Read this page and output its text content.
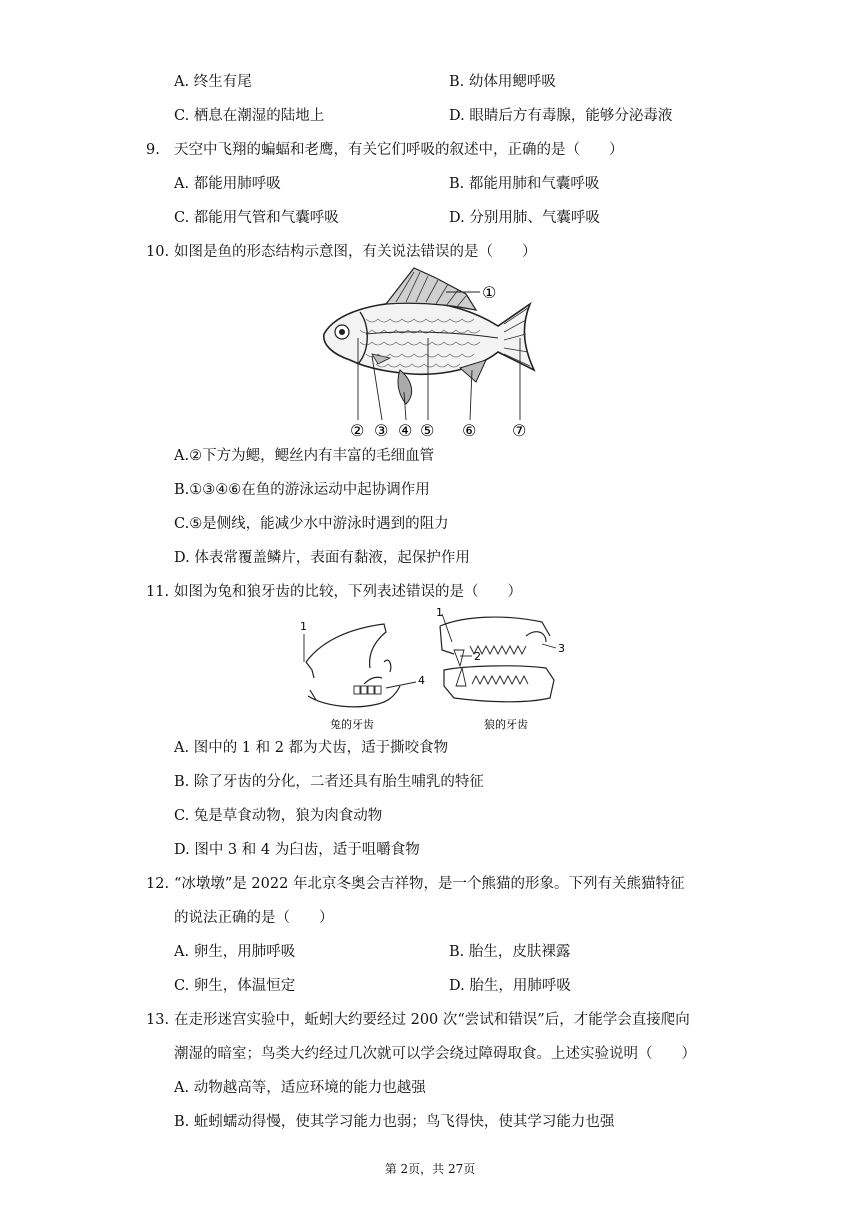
A. 终生有尾	B. 幼体用鳃呼吸
C. 栖息在潮湿的陆地上	D. 眼睛后方有毒腺，能够分泌毒液
9. 天空中飞翔的蝙蝠和老鹰，有关它们呼吸的叙述中，正确的是（　　）
A. 都能用肺呼吸	B. 都能用肺和气囊呼吸
C. 都能用气管和气囊呼吸	D. 分别用肺、气囊呼吸
10. 如图是鱼的形态结构示意图，有关说法错误的是（　　）
①
② ③ ④ ⑤ ⑥ ⑦
A.②下方为鳃，鳃丝内有丰富的毛细血管
B.①③④⑥在鱼的游泳运动中起协调作用
C.⑤是侧线，能减少水中游泳时遇到的阻力
D. 体表常覆盖鳞片，表面有黏液，起保护作用
11. 如图为兔和狼牙齿的比较，下列表述错误的是（　　）
1
4
兔的牙齿
1
2
3
狼的牙齿
A. 图中的 1 和 2 都为犬齿，适于撕咬食物
B. 除了牙齿的分化，二者还具有胎生哺乳的特征
C. 兔是草食动物，狼为肉食动物
D. 图中 3 和 4 为臼齿，适于咀嚼食物
12. “冰墩墩”是 2022 年北京冬奥会吉祥物，是一个熊猫的形象。下列有关熊猫特征
的说法正确的是（　　）
A. 卵生，用肺呼吸	B. 胎生，皮肤裸露
C. 卵生，体温恒定	D. 胎生，用肺呼吸
13. 在走形迷宫实验中，蚯蚓大约要经过 200 次“尝试和错误”后，才能学会直接爬向
潮湿的暗室；鸟类大约经过几次就可以学会绕过障碍取食。上述实验说明（　　）
A. 动物越高等，适应环境的能力也越强
B. 蚯蚓蠕动得慢，使其学习能力也弱；鸟飞得快，使其学习能力也强
第 2页，共 27页
